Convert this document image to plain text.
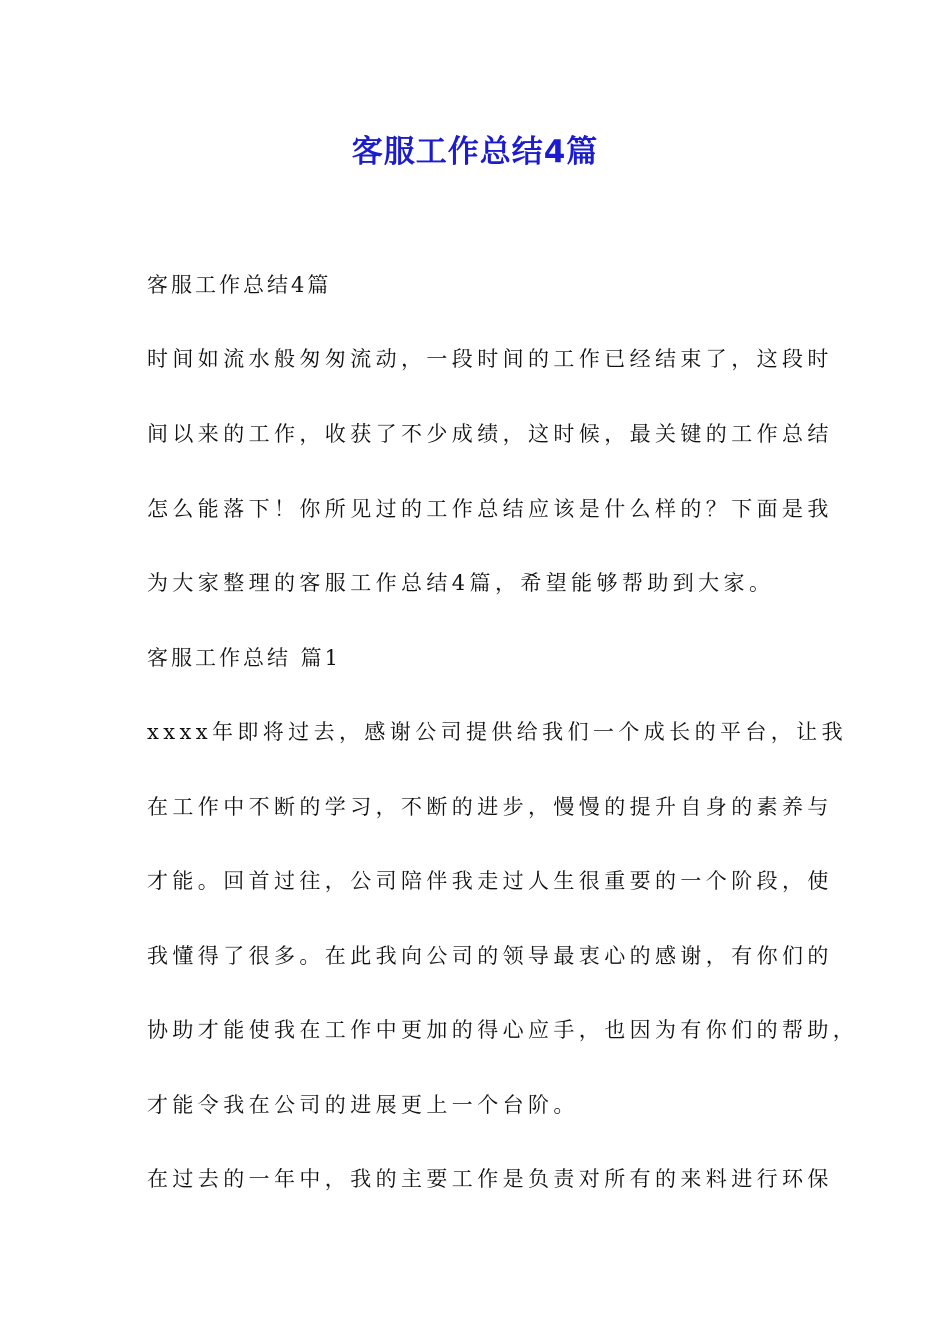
客服工作总结4篇
客服工作总结4篇
时间如流水般匆匆流动，一段时间的工作已经结束了，这段时
间以来的工作，收获了不少成绩，这时候，最关键的工作总结
怎么能落下！你所见过的工作总结应该是什么样的？下面是我
为大家整理的客服工作总结4篇，希望能够帮助到大家。
客服工作总结 篇1
xxxx年即将过去，感谢公司提供给我们一个成长的平台，让我
在工作中不断的学习，不断的进步，慢慢的提升自身的素养与
才能。回首过往，公司陪伴我走过人生很重要的一个阶段，使
我懂得了很多。在此我向公司的领导最衷心的感谢，有你们的
协助才能使我在工作中更加的得心应手，也因为有你们的帮助，
才能令我在公司的进展更上一个台阶。
在过去的一年中，我的主要工作是负责对所有的来料进行环保
